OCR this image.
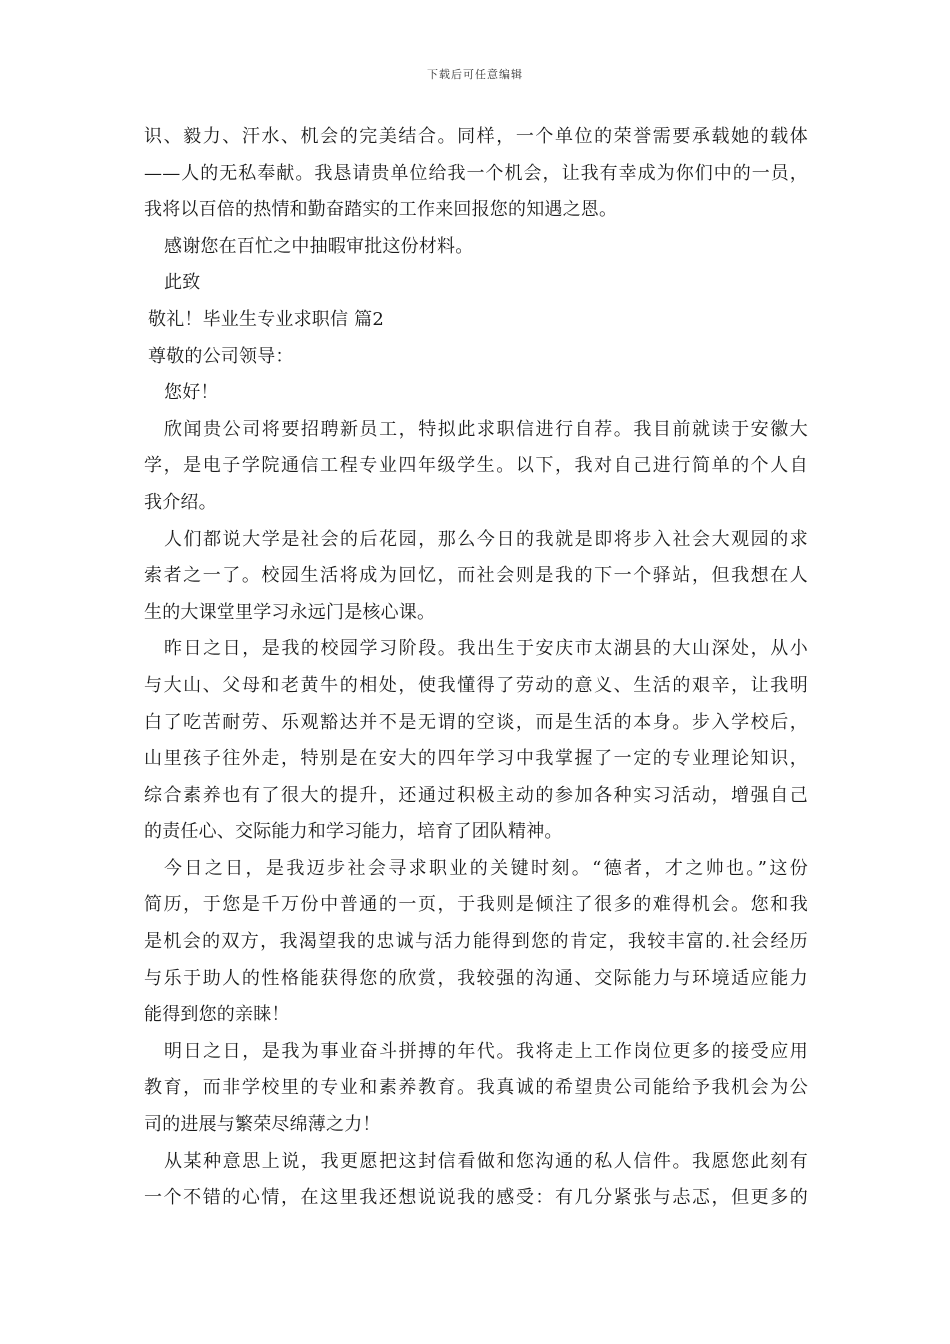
下载后可任意编辑
识、毅力、汗水、机会的完美结合。同样，一个单位的荣誉需要承载她的载体
——人的无私奉献。我恳请贵单位给我一个机会，让我有幸成为你们中的一员，
我将以百倍的热情和勤奋踏实的工作来回报您的知遇之恩。
感谢您在百忙之中抽暇审批这份材料。
此致
敬礼！毕业生专业求职信 篇2
尊敬的公司领导：
您好！
欣闻贵公司将要招聘新员工，特拟此求职信进行自荐。我目前就读于安徽大
学，是电子学院通信工程专业四年级学生。以下，我对自己进行简单的个人自
我介绍。
人们都说大学是社会的后花园，那么今日的我就是即将步入社会大观园的求
索者之一了。校园生活将成为回忆，而社会则是我的下一个驿站，但我想在人
生的大课堂里学习永远门是核心课。
昨日之日，是我的校园学习阶段。我出生于安庆市太湖县的大山深处，从小
与大山、父母和老黄牛的相处，使我懂得了劳动的意义、生活的艰辛，让我明
白了吃苦耐劳、乐观豁达并不是无谓的空谈，而是生活的本身。步入学校后，
山里孩子往外走，特别是在安大的四年学习中我掌握了一定的专业理论知识，
综合素养也有了很大的提升，还通过积极主动的参加各种实习活动，增强自己
的责任心、交际能力和学习能力，培育了团队精神。
今日之日，是我迈步社会寻求职业的关键时刻。“德者，才之帅也。”这份
简历，于您是千万份中普通的一页，于我则是倾注了很多的难得机会。您和我
是机会的双方，我渴望我的忠诚与活力能得到您的肯定，我较丰富的.社会经历
与乐于助人的性格能获得您的欣赏，我较强的沟通、交际能力与环境适应能力
能得到您的亲睐！
明日之日，是我为事业奋斗拼搏的年代。我将走上工作岗位更多的接受应用
教育，而非学校里的专业和素养教育。我真诚的希望贵公司能给予我机会为公
司的进展与繁荣尽绵薄之力！
从某种意思上说，我更愿把这封信看做和您沟通的私人信件。我愿您此刻有
一个不错的心情，在这里我还想说说我的感受：有几分紧张与忐忑，但更多的
